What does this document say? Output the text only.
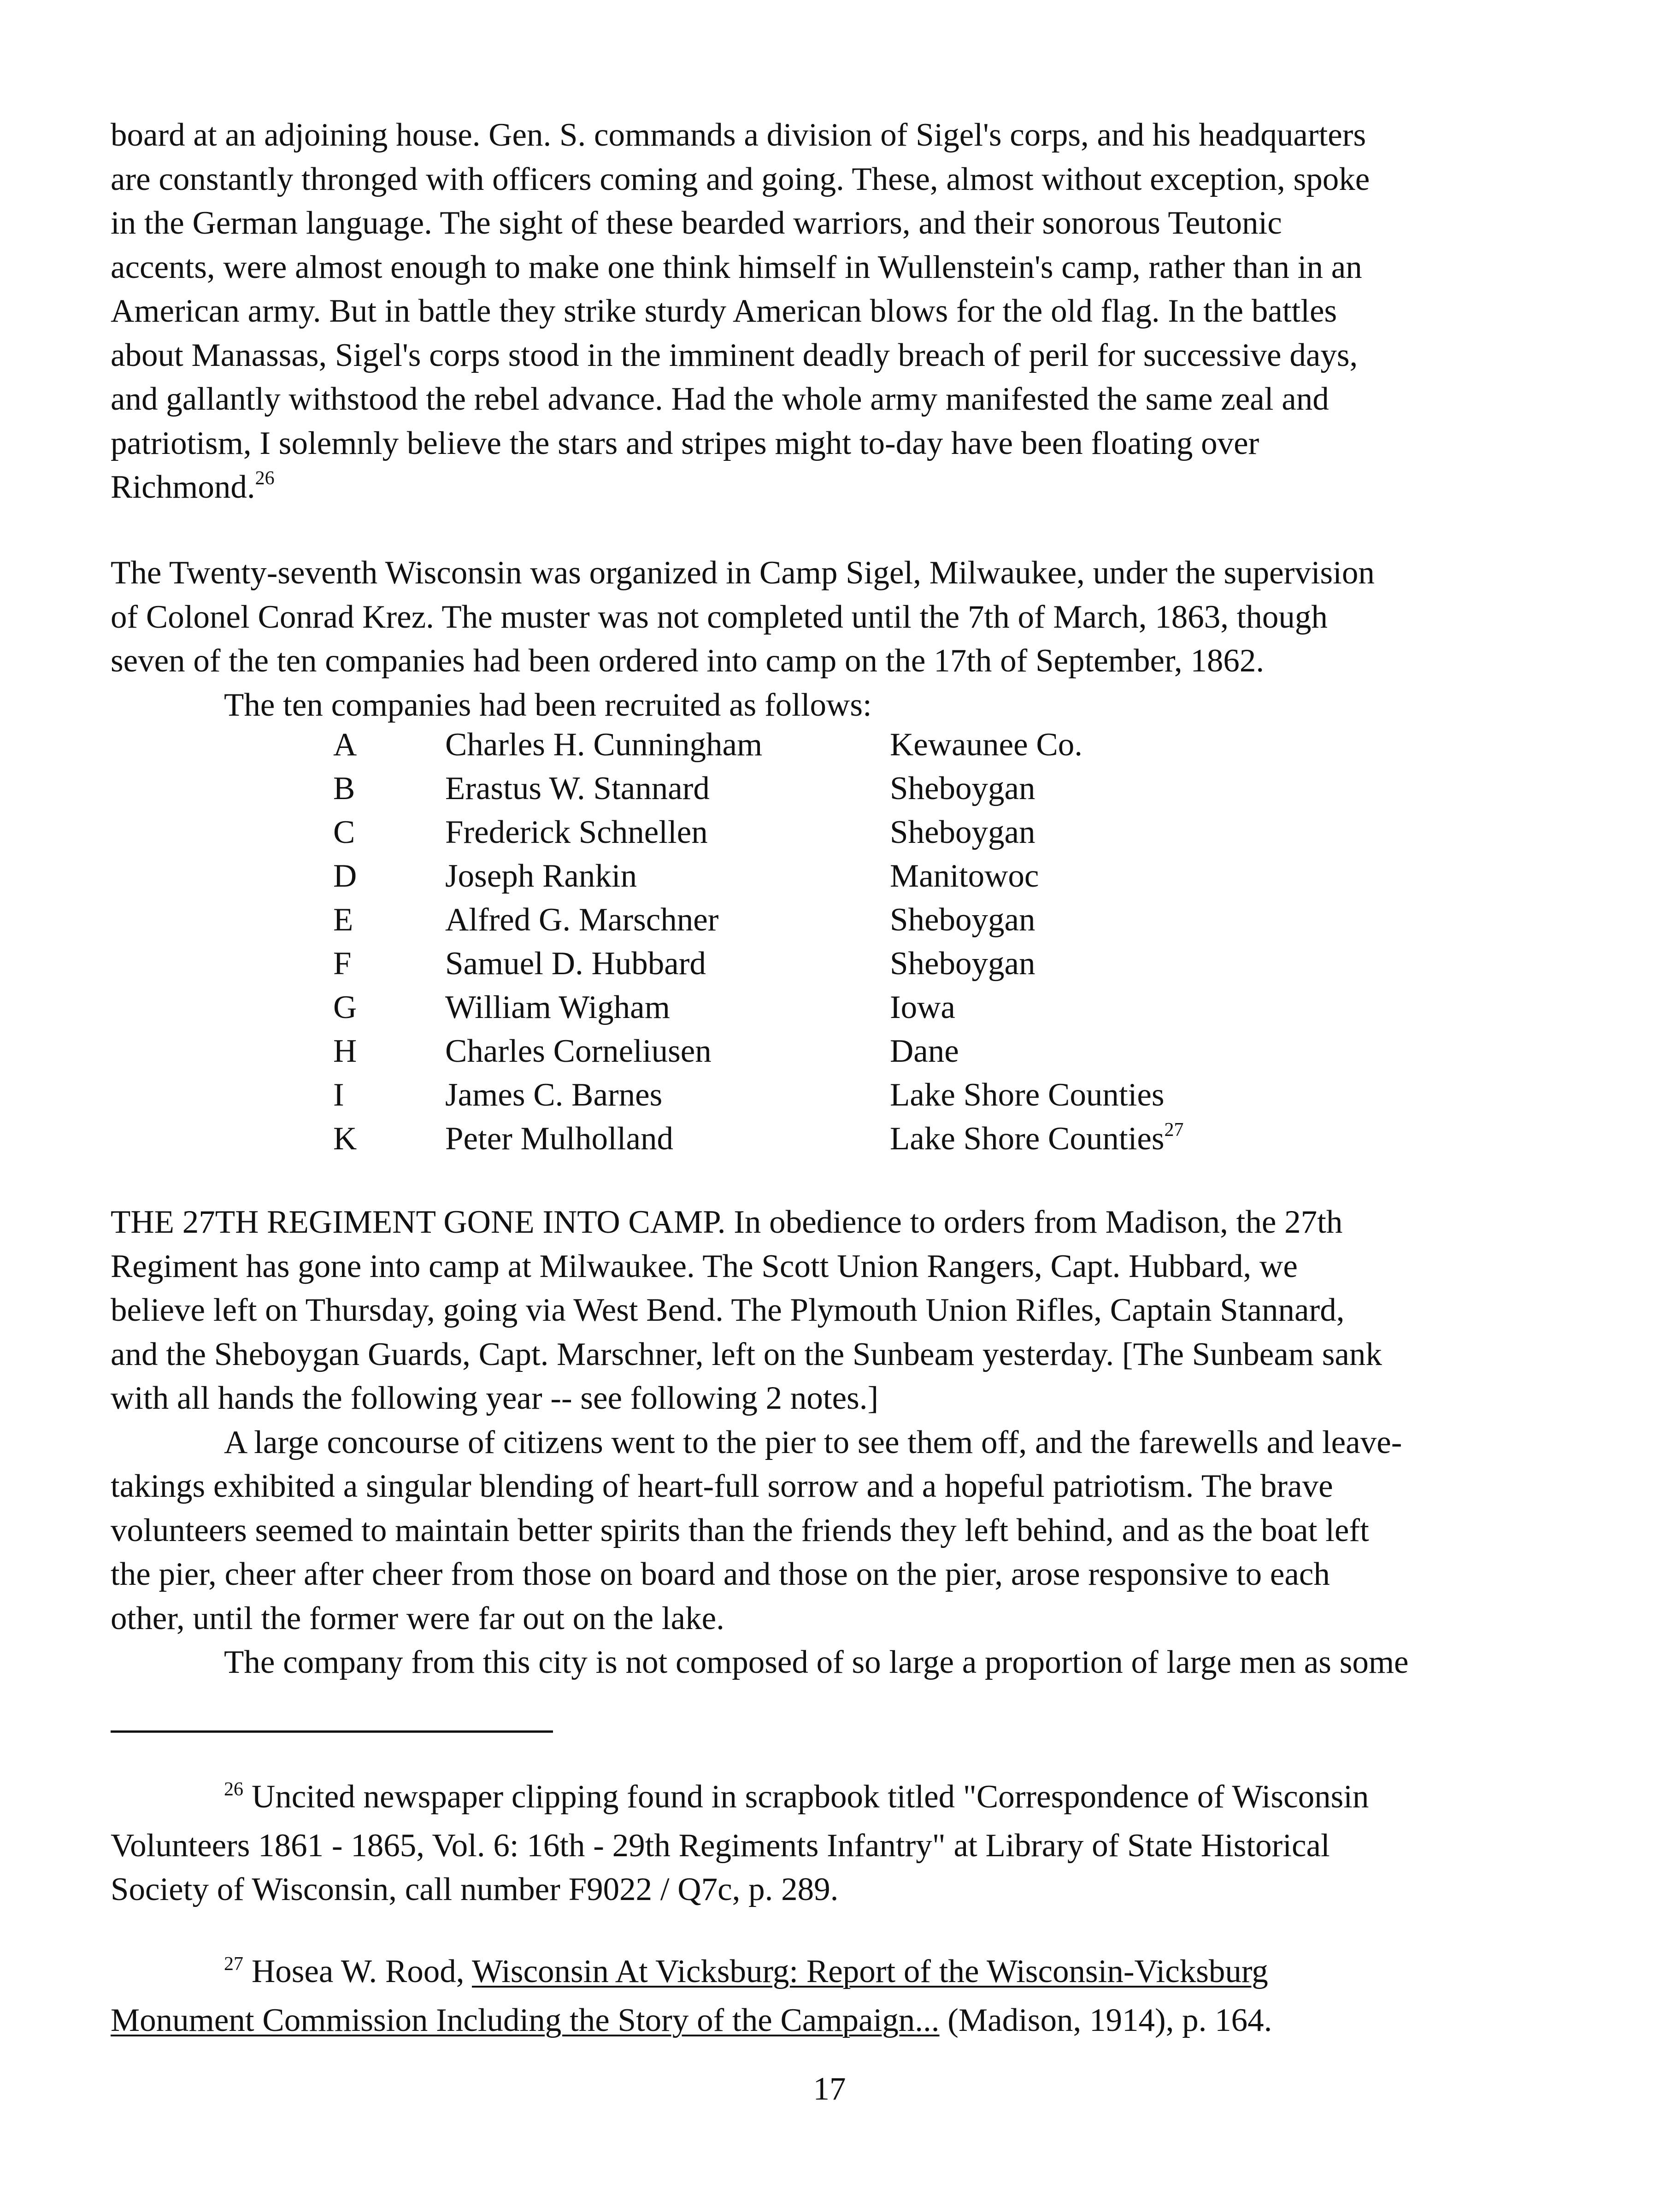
board at an adjoining house. Gen. S. commands a division of Sigel's corps, and his headquarters
are constantly thronged with officers coming and going. These, almost without exception, spoke
in the German language. The sight of these bearded warriors, and their sonorous Teutonic
accents, were almost enough to make one think himself in Wullenstein's camp, rather than in an
American army. But in battle they strike sturdy American blows for the old flag. In the battles
about Manassas, Sigel's corps stood in the imminent deadly breach of peril for successive days,
and gallantly withstood the rebel advance. Had the whole army manifested the same zeal and
patriotism, I solemnly believe the stars and stripes might to-day have been floating over
Richmond.$^{26}$
The Twenty-seventh Wisconsin was organized in Camp Sigel, Milwaukee, under the supervision
of Colonel Conrad Krez. The muster was not completed until the 7th of March, 1863, though
seven of the ten companies had been ordered into camp on the 17th of September, 1862.
The ten companies had been recruited as follows:
A	Charles H. Cunningham	Kewaunee Co.
B	Erastus W. Stannard	Sheboygan
C	Frederick Schnellen	Sheboygan
D	Joseph Rankin	Manitowoc
E	Alfred G. Marschner	Sheboygan
F	Samuel D. Hubbard	Sheboygan
G	William Wigham	Iowa
H	Charles Corneliusen	Dane
I	James C. Barnes	Lake Shore Counties
K	Peter Mulholland	Lake Shore Counties$^{27}$
THE 27TH REGIMENT GONE INTO CAMP. In obedience to orders from Madison, the 27th
Regiment has gone into camp at Milwaukee. The Scott Union Rangers, Capt. Hubbard, we
believe left on Thursday, going via West Bend. The Plymouth Union Rifles, Captain Stannard,
and the Sheboygan Guards, Capt. Marschner, left on the Sunbeam yesterday. [The Sunbeam sank
with all hands the following year -- see following 2 notes.]
A large concourse of citizens went to the pier to see them off, and the farewells and leave-
takings exhibited a singular blending of heart-full sorrow and a hopeful patriotism. The brave
volunteers seemed to maintain better spirits than the friends they left behind, and as the boat left
the pier, cheer after cheer from those on board and those on the pier, arose responsive to each
other, until the former were far out on the lake.
The company from this city is not composed of so large a proportion of large men as some
$^{26}$ Uncited newspaper clipping found in scrapbook titled "Correspondence of Wisconsin
Volunteers 1861 - 1865, Vol. 6: 16th - 29th Regiments Infantry" at Library of State Historical
Society of Wisconsin, call number F9022 / Q7c, p. 289.
$^{27}$ Hosea W. Rood, Wisconsin At Vicksburg: Report of the Wisconsin-Vicksburg
Monument Commission Including the Story of the Campaign... (Madison, 1914), p. 164.
17
